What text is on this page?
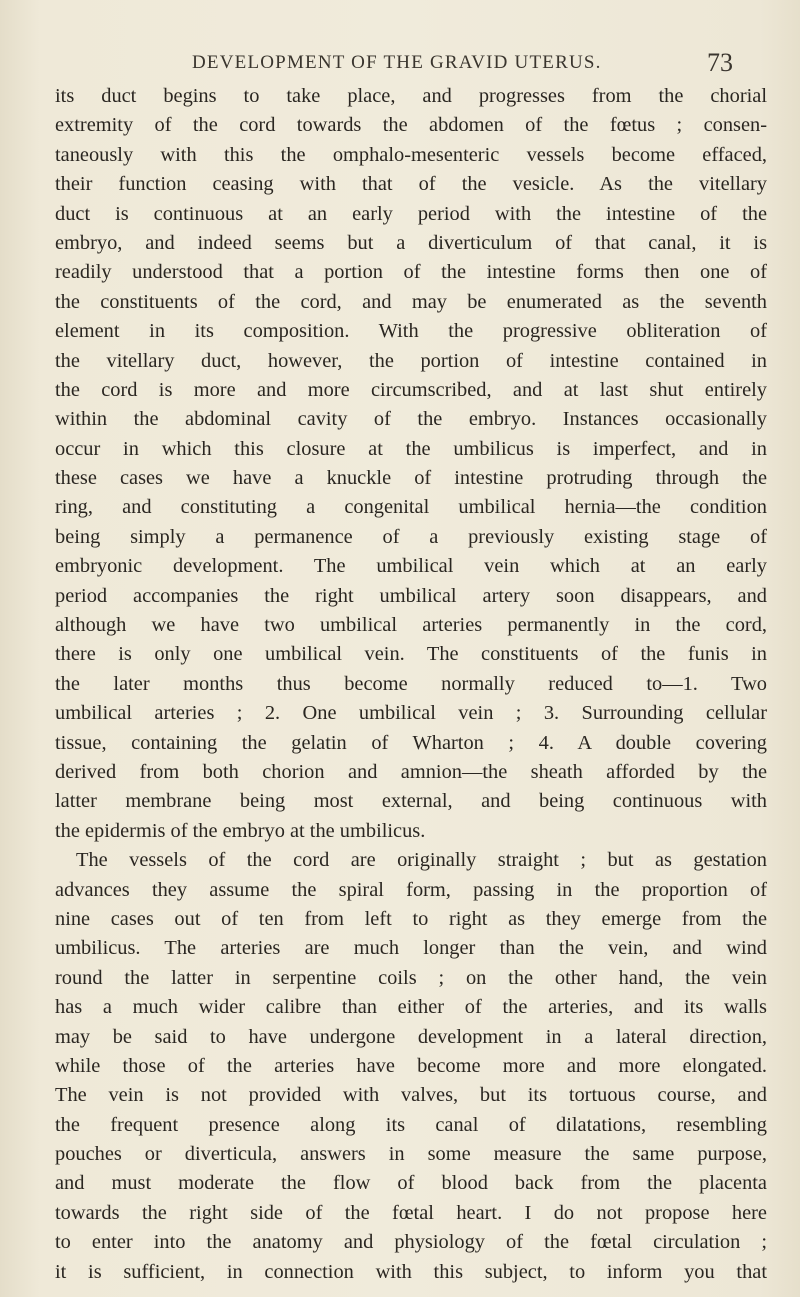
DEVELOPMENT OF THE GRAVID UTERUS.	73
its duct begins to take place, and progresses from the chorial
extremity of the cord towards the abdomen of the fœtus ; consen-
taneously with this the omphalo-mesenteric vessels become effaced,
their function ceasing with that of the vesicle. As the vitellary
duct is continuous at an early period with the intestine of the
embryo, and indeed seems but a diverticulum of that canal, it is
readily understood that a portion of the intestine forms then one of
the constituents of the cord, and may be enumerated as the seventh
element in its composition. With the progressive obliteration of
the vitellary duct, however, the portion of intestine contained in
the cord is more and more circumscribed, and at last shut entirely
within the abdominal cavity of the embryo. Instances occasionally
occur in which this closure at the umbilicus is imperfect, and in
these cases we have a knuckle of intestine protruding through the
ring, and constituting a congenital umbilical hernia—the condition
being simply a permanence of a previously existing stage of
embryonic development. The umbilical vein which at an early
period accompanies the right umbilical artery soon disappears, and
although we have two umbilical arteries permanently in the cord,
there is only one umbilical vein. The constituents of the funis in
the later months thus become normally reduced to—1. Two
umbilical arteries ; 2. One umbilical vein ; 3. Surrounding cellular
tissue, containing the gelatin of Wharton ; 4. A double covering
derived from both chorion and amnion—the sheath afforded by the
latter membrane being most external, and being continuous with
the epidermis of the embryo at the umbilicus.
The vessels of the cord are originally straight ; but as gestation
advances they assume the spiral form, passing in the proportion of
nine cases out of ten from left to right as they emerge from the
umbilicus. The arteries are much longer than the vein, and wind
round the latter in serpentine coils ; on the other hand, the vein
has a much wider calibre than either of the arteries, and its walls
may be said to have undergone development in a lateral direction,
while those of the arteries have become more and more elongated.
The vein is not provided with valves, but its tortuous course, and
the frequent presence along its canal of dilatations, resembling
pouches or diverticula, answers in some measure the same purpose,
and must moderate the flow of blood back from the placenta
towards the right side of the fœtal heart. I do not propose here
to enter into the anatomy and physiology of the fœtal circulation ;
it is sufficient, in connection with this subject, to inform you that
